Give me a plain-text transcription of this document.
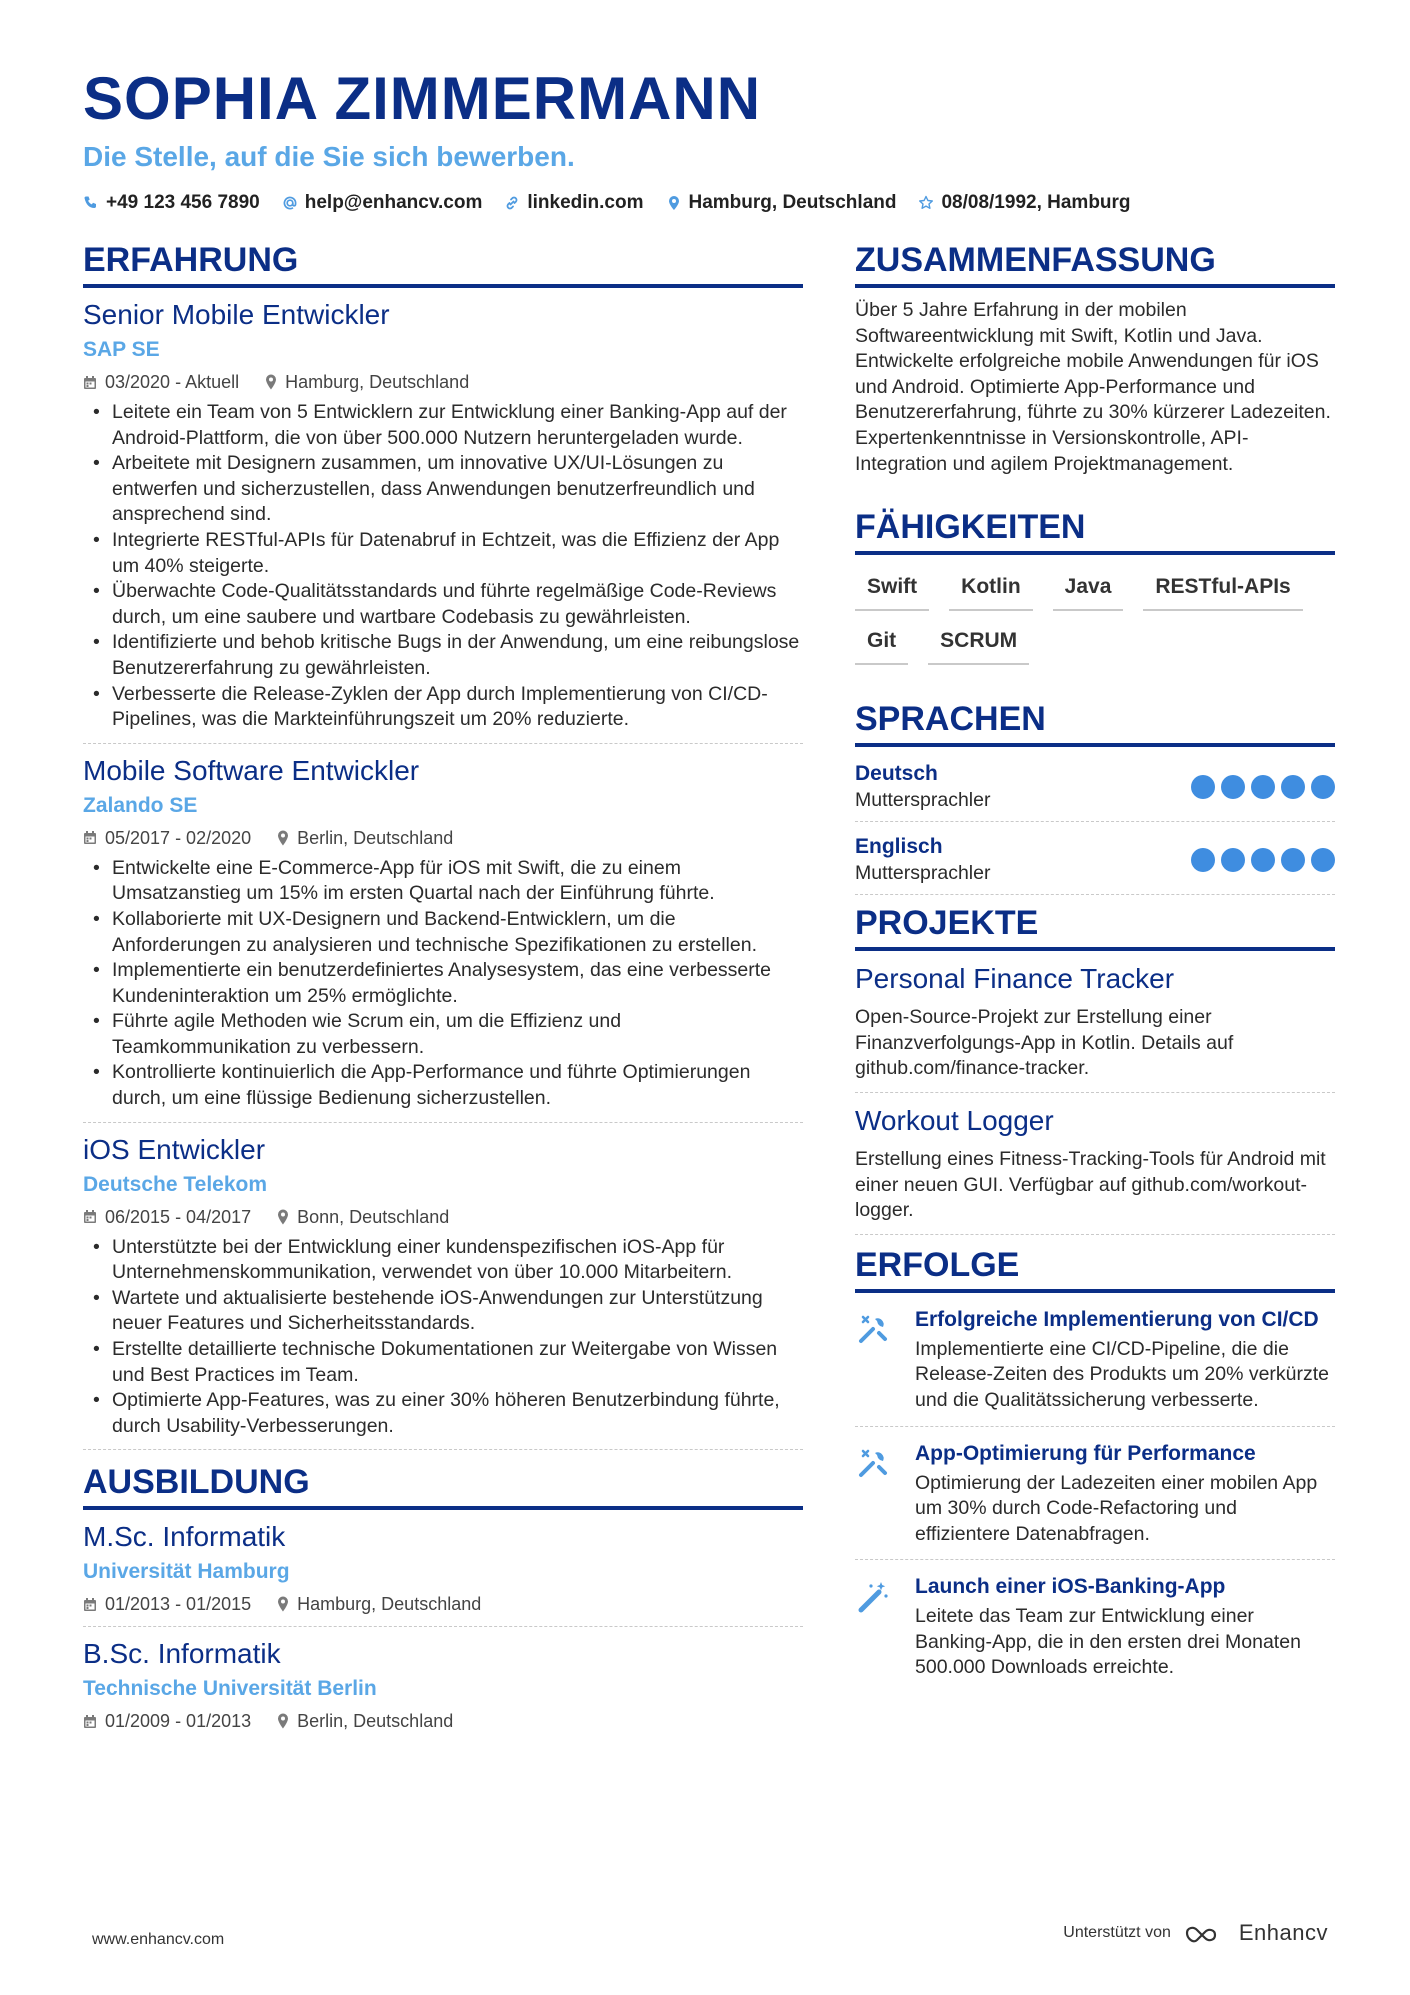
SOPHIA ZIMMERMANN
Die Stelle, auf die Sie sich bewerben.
+49 123 456 7890 help@enhancv.com linkedin.com Hamburg, Deutschland 08/08/1992, Hamburg
ERFAHRUNG
Senior Mobile Entwickler
SAP SE
03/2020 - Aktuell	Hamburg, Deutschland
• Leitete ein Team von 5 Entwicklern zur Entwicklung einer Banking-App auf der Android-Plattform, die von über 500.000 Nutzern heruntergeladen wurde.
• Arbeitete mit Designern zusammen, um innovative UX/UI-Lösungen zu entwerfen und sicherzustellen, dass Anwendungen benutzerfreundlich und ansprechend sind.
• Integrierte RESTful-APIs für Datenabruf in Echtzeit, was die Effizienz der App um 40% steigerte.
• Überwachte Code-Qualitätsstandards und führte regelmäßige Code-Reviews durch, um eine saubere und wartbare Codebasis zu gewährleisten.
• Identifizierte und behob kritische Bugs in der Anwendung, um eine reibungslose Benutzererfahrung zu gewährleisten.
• Verbesserte die Release-Zyklen der App durch Implementierung von CI/CD-Pipelines, was die Markteinführungszeit um 20% reduzierte.
Mobile Software Entwickler
Zalando SE
05/2017 - 02/2020	Berlin, Deutschland
• Entwickelte eine E-Commerce-App für iOS mit Swift, die zu einem Umsatzanstieg um 15% im ersten Quartal nach der Einführung führte.
• Kollaborierte mit UX-Designern und Backend-Entwicklern, um die Anforderungen zu analysieren und technische Spezifikationen zu erstellen.
• Implementierte ein benutzerdefiniertes Analysesystem, das eine verbesserte Kundeninteraktion um 25% ermöglichte.
• Führte agile Methoden wie Scrum ein, um die Effizienz und Teamkommunikation zu verbessern.
• Kontrollierte kontinuierlich die App-Performance und führte Optimierungen durch, um eine flüssige Bedienung sicherzustellen.
iOS Entwickler
Deutsche Telekom
06/2015 - 04/2017	Bonn, Deutschland
• Unterstützte bei der Entwicklung einer kundenspezifischen iOS-App für Unternehmenskommunikation, verwendet von über 10.000 Mitarbeitern.
• Wartete und aktualisierte bestehende iOS-Anwendungen zur Unterstützung neuer Features und Sicherheitsstandards.
• Erstellte detaillierte technische Dokumentationen zur Weitergabe von Wissen und Best Practices im Team.
• Optimierte App-Features, was zu einer 30% höheren Benutzerbindung führte, durch Usability-Verbesserungen.
AUSBILDUNG
M.Sc. Informatik
Universität Hamburg
01/2013 - 01/2015	Hamburg, Deutschland
B.Sc. Informatik
Technische Universität Berlin
01/2009 - 01/2013	Berlin, Deutschland
ZUSAMMENFASSUNG
Über 5 Jahre Erfahrung in der mobilen Softwareentwicklung mit Swift, Kotlin und Java. Entwickelte erfolgreiche mobile Anwendungen für iOS und Android. Optimierte App-Performance und Benutzererfahrung, führte zu 30% kürzerer Ladezeiten. Expertenkenntnisse in Versionskontrolle, API-Integration und agilem Projektmanagement.
FÄHIGKEITEN
Swift	Kotlin	Java	RESTful-APIs
Git	SCRUM
SPRACHEN
Deutsch
Muttersprachler
Englisch
Muttersprachler
PROJEKTE
Personal Finance Tracker
Open-Source-Projekt zur Erstellung einer Finanzverfolgungs-App in Kotlin. Details auf github.com/finance-tracker.
Workout Logger
Erstellung eines Fitness-Tracking-Tools für Android mit einer neuen GUI. Verfügbar auf github.com/workout-logger.
ERFOLGE
Erfolgreiche Implementierung von CI/CD
Implementierte eine CI/CD-Pipeline, die die Release-Zeiten des Produkts um 20% verkürzte und die Qualitätssicherung verbesserte.
App-Optimierung für Performance
Optimierung der Ladezeiten einer mobilen App um 30% durch Code-Refactoring und effizientere Datenabfragen.
Launch einer iOS-Banking-App
Leitete das Team zur Entwicklung einer Banking-App, die in den ersten drei Monaten 500.000 Downloads erreichte.
www.enhancv.com	Unterstützt von	Enhancv
